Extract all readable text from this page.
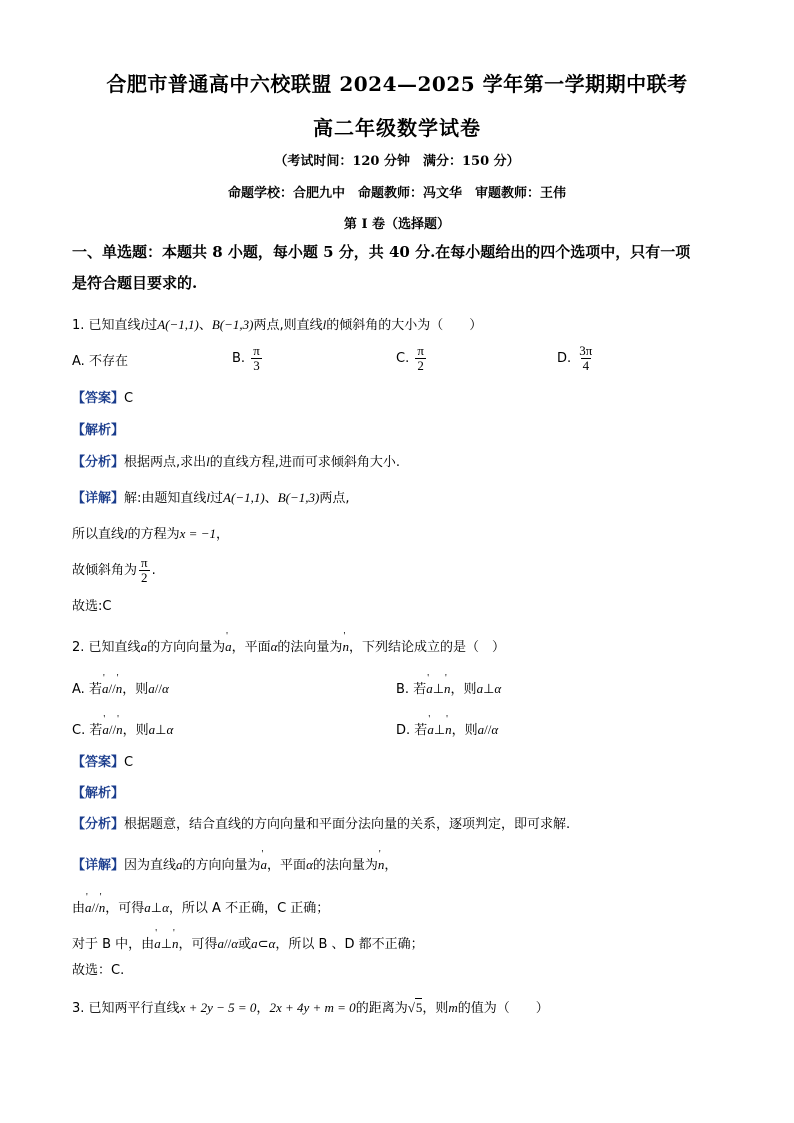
合肥市普通高中六校联盟 2024—2025 学年第一学期期中联考
高二年级数学试卷
（考试时间：120 分钟　满分：150 分）
命题学校：合肥九中　命题教师：冯文华　审题教师：王伟
第 I 卷（选择题）
一、单选题：本题共 8 小题，每小题 5 分，共 40 分.在每小题给出的四个选项中，只有一项
是符合题目要求的.
1. 已知直线l过A(−1,1)、B(−1,3)两点,则直线l的倾斜角的大小为（　　）
A. 不存在	B. $\frac{\pi}{3}$	C. $\frac{\pi}{2}$	D. $\frac{3\pi}{4}$
【答案】C
【解析】
【分析】根据两点,求出l的直线方程,进而可求倾斜角大小.
【详解】解:由题知直线l过A(−1,1)、B(−1,3)两点,
所以直线l的方程为x = −1，
故倾斜角为 $\frac{\pi}{2}$ .
故选:C
2. 已知直线a的方向向量为' a，平面α的法向量为' n，下列结论成立的是（　）
A. 若' a//' n，则a//α	B. 若' a⊥' n，则a⊥α
C. 若' a//' n，则a⊥α	D. 若' a⊥' n，则a//α
【答案】C
【解析】
【分析】根据题意，结合直线的方向向量和平面分法向量的关系，逐项判定，即可求解.
【详解】因为直线a的方向向量为' a，平面α的法向量为' n，
由' a//' n，可得a⊥α，所以 A 不正确，C 正确；
对于 B 中，由' a⊥' n，可得a//α或a⊂α，所以 B 、D 都不正确；
故选：C.
3. 已知两平行直线x + 2y − 5 = 0，2x + 4y + m = 0的距离为√5，则m的值为（　　）
